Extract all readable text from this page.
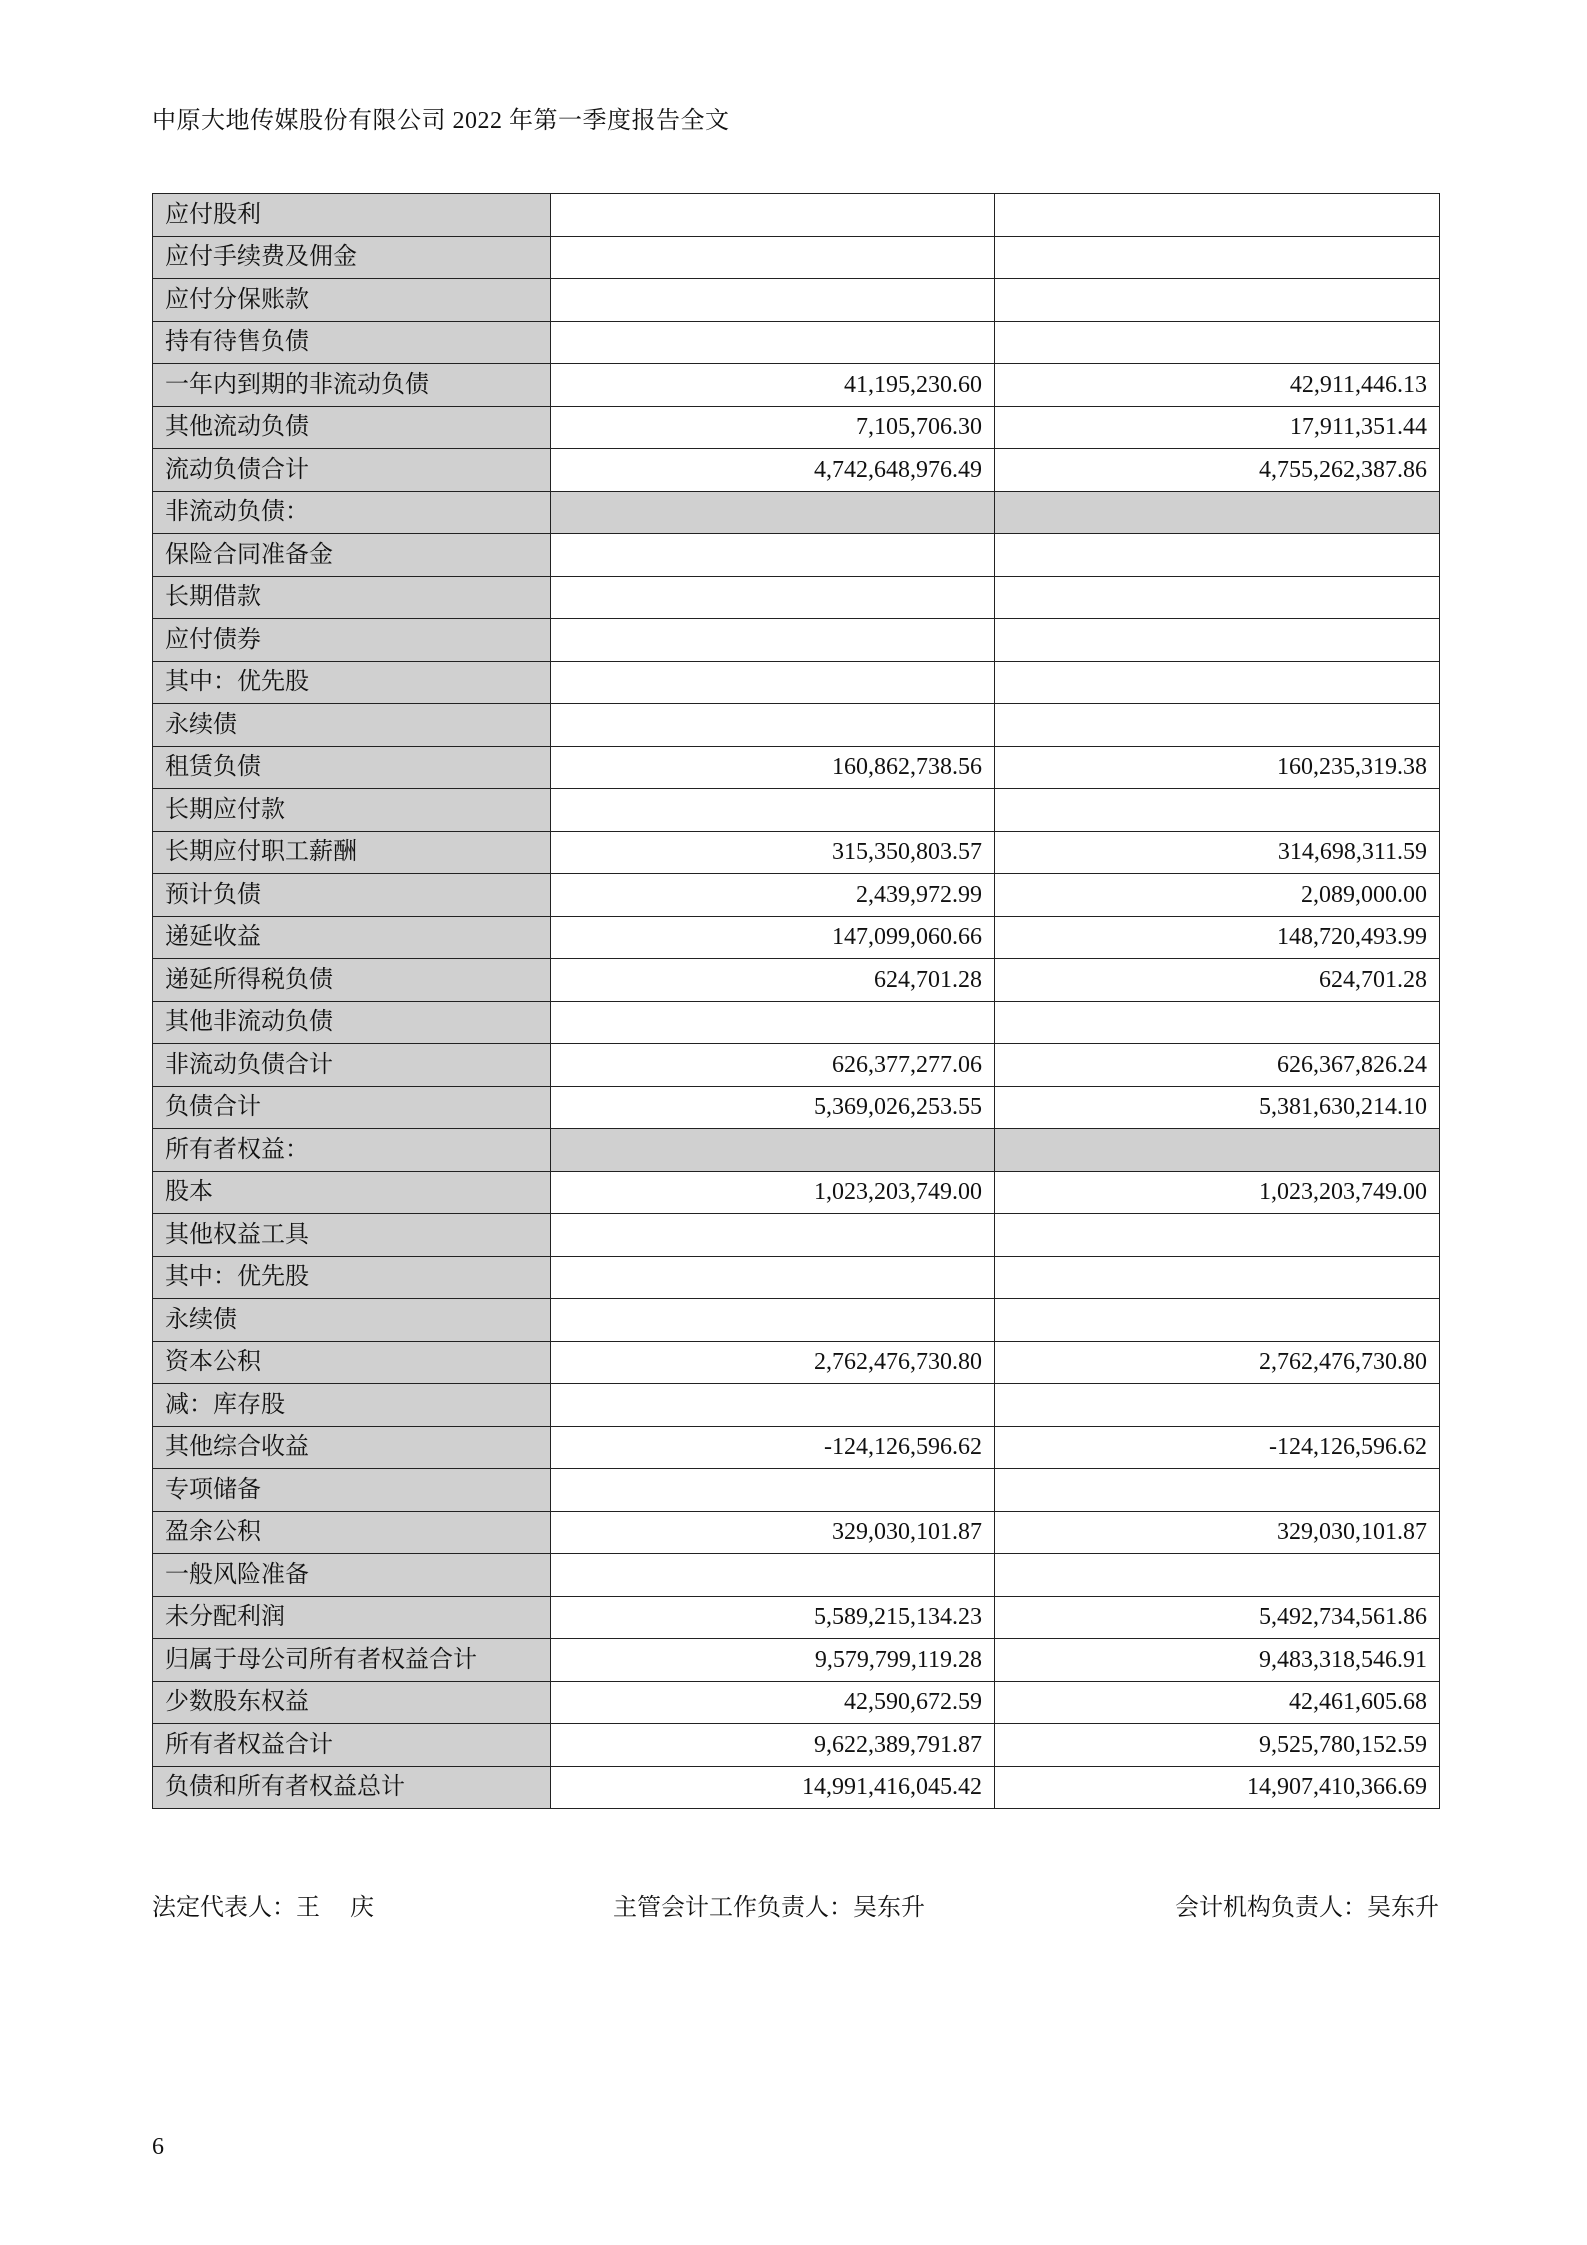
中原大地传媒股份有限公司 2022 年第一季度报告全文
应付股利		
应付手续费及佣金		
应付分保账款		
持有待售负债		
一年内到期的非流动负债	41,195,230.60	42,911,446.13
其他流动负债	7,105,706.30	17,911,351.44
流动负债合计	4,742,648,976.49	4,755,262,387.86
非流动负债：		
保险合同准备金		
长期借款		
应付债券		
其中：优先股		
永续债		
租赁负债	160,862,738.56	160,235,319.38
长期应付款		
长期应付职工薪酬	315,350,803.57	314,698,311.59
预计负债	2,439,972.99	2,089,000.00
递延收益	147,099,060.66	148,720,493.99
递延所得税负债	624,701.28	624,701.28
其他非流动负债		
非流动负债合计	626,377,277.06	626,367,826.24
负债合计	5,369,026,253.55	5,381,630,214.10
所有者权益：		
股本	1,023,203,749.00	1,023,203,749.00
其他权益工具		
其中：优先股		
永续债		
资本公积	2,762,476,730.80	2,762,476,730.80
减：库存股		
其他综合收益	-124,126,596.62	-124,126,596.62
专项储备		
盈余公积	329,030,101.87	329,030,101.87
一般风险准备		
未分配利润	5,589,215,134.23	5,492,734,561.86
归属于母公司所有者权益合计	9,579,799,119.28	9,483,318,546.91
少数股东权益	42,590,672.59	42,461,605.68
所有者权益合计	9,622,389,791.87	9,525,780,152.59
负债和所有者权益总计	14,991,416,045.42	14,907,410,366.69
法定代表人：王　 庆	主管会计工作负责人：吴东升	会计机构负责人：吴东升
6
